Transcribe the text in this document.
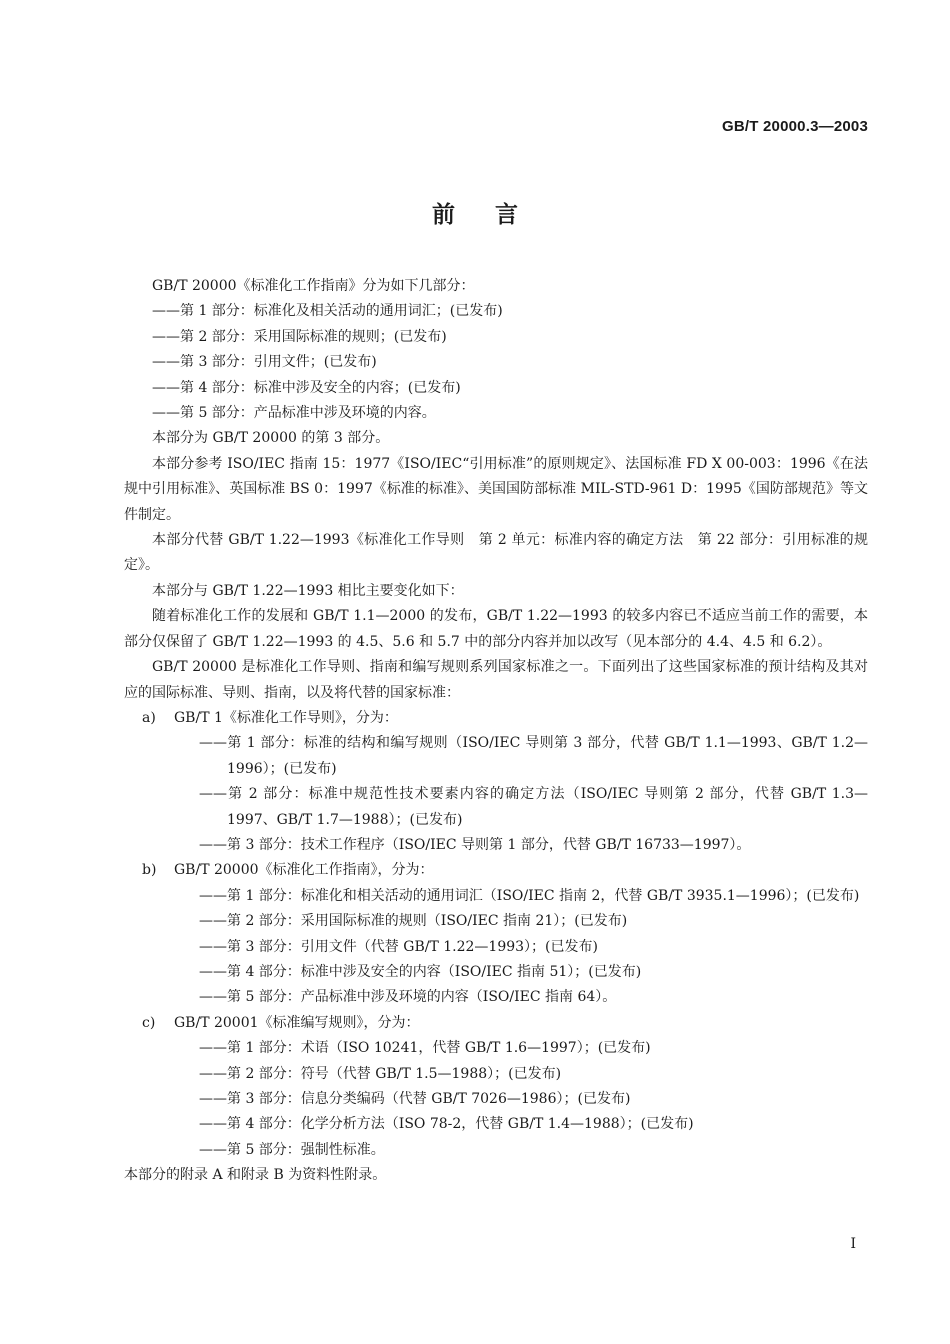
GB/T 20000.3—2003
前言

GB/T 20000《标准化工作指南》分为如下几部分：

——第 1 部分：标准化及相关活动的通用词汇；(已发布)

——第 2 部分：采用国际标准的规则；(已发布)

——第 3 部分：引用文件；(已发布)

——第 4 部分：标准中涉及安全的内容；(已发布)

——第 5 部分：产品标准中涉及环境的内容。

本部分为 GB/T 20000 的第 3 部分。

本部分参考 ISO/IEC 指南 15：1977《ISO/IEC“引用标准”的原则规定》、法国标准 FD X 00-003：1996《在法规中引用标准》、英国标准 BS 0：1997《标准的标准》、美国国防部标准 MIL-STD-961 D：1995《国防部规范》等文件制定。

本部分代替 GB/T 1.22—1993《标准化工作导则　第 2 单元：标准内容的确定方法　第 22 部分：引用标准的规定》。

本部分与 GB/T 1.22—1993 相比主要变化如下：

随着标准化工作的发展和 GB/T 1.1—2000 的发布，GB/T 1.22—1993 的较多内容已不适应当前工作的需要，本部分仅保留了 GB/T 1.22—1993 的 4.5、5.6 和 5.7 中的部分内容并加以改写（见本部分的 4.4、4.5 和 6.2）。

GB/T 20000 是标准化工作导则、指南和编写规则系列国家标准之一。下面列出了这些国家标准的预计结构及其对应的国际标准、导则、指南，以及将代替的国家标准：

a) GB/T 1《标准化工作导则》，分为：

——第 1 部分：标准的结构和编写规则（ISO/IEC 导则第 3 部分，代替 GB/T 1.1—1993、GB/T 1.2—1996）；(已发布)

——第 2 部分：标准中规范性技术要素内容的确定方法（ISO/IEC 导则第 2 部分，代替 GB/T 1.3—1997、GB/T 1.7—1988）；(已发布)

——第 3 部分：技术工作程序（ISO/IEC 导则第 1 部分，代替 GB/T 16733—1997）。

b) GB/T 20000《标准化工作指南》，分为：

——第 1 部分：标准化和相关活动的通用词汇（ISO/IEC 指南 2，代替 GB/T 3935.1—1996）；(已发布)

——第 2 部分：采用国际标准的规则（ISO/IEC 指南 21）；(已发布)

——第 3 部分：引用文件（代替 GB/T 1.22—1993）；(已发布)

——第 4 部分：标准中涉及安全的内容（ISO/IEC 指南 51）；(已发布)

——第 5 部分：产品标准中涉及环境的内容（ISO/IEC 指南 64）。

c) GB/T 20001《标准编写规则》，分为：

——第 1 部分：术语（ISO 10241，代替 GB/T 1.6—1997）；(已发布)

——第 2 部分：符号（代替 GB/T 1.5—1988）；(已发布)

——第 3 部分：信息分类编码（代替 GB/T 7026—1986）；(已发布)

——第 4 部分：化学分析方法（ISO 78-2，代替 GB/T 1.4—1988）；(已发布)

——第 5 部分：强制性标准。

本部分的附录 A 和附录 B 为资料性附录。

I
